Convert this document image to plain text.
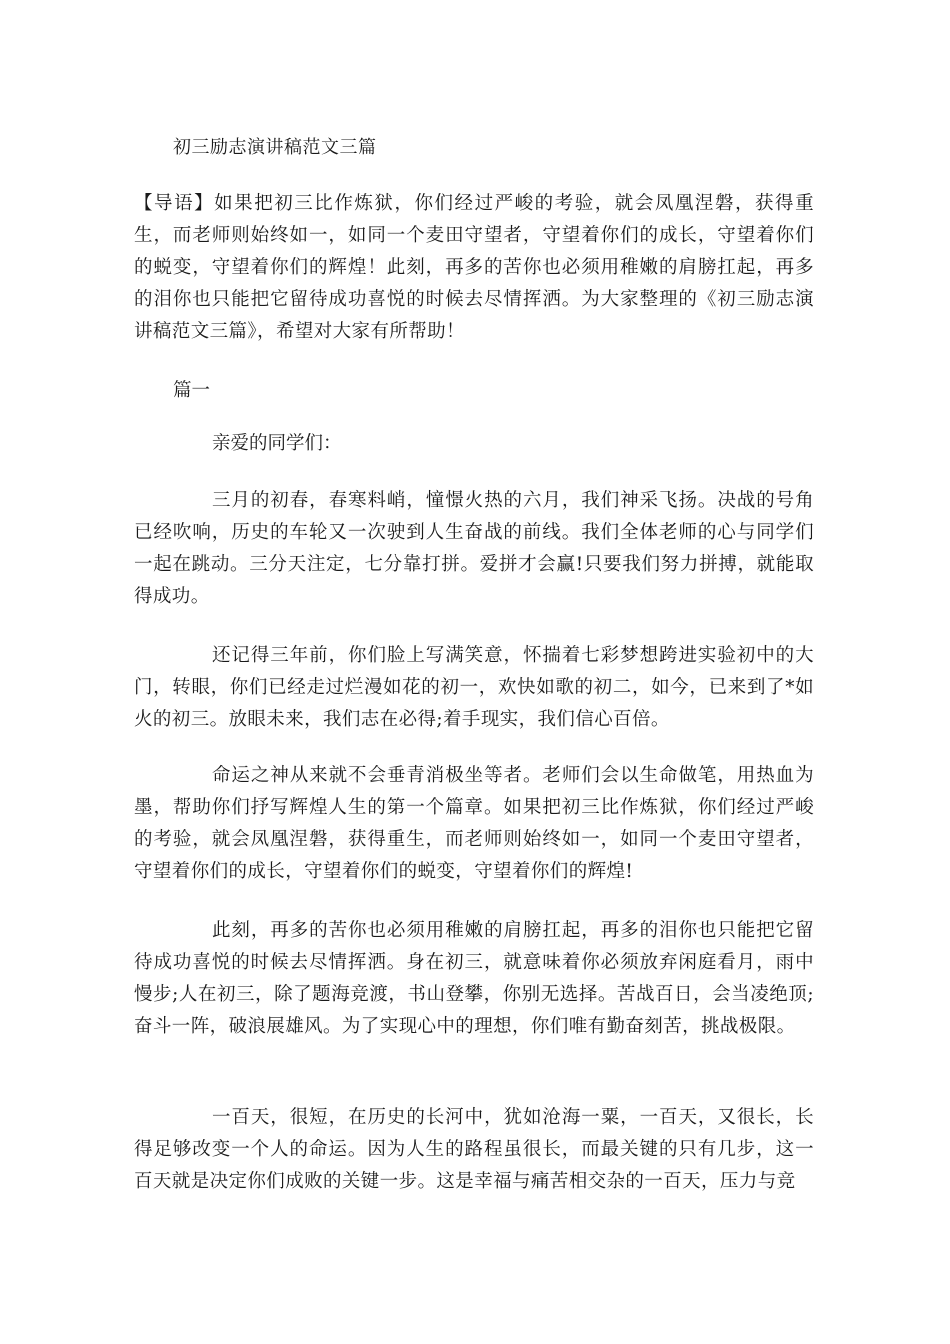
初三励志演讲稿范文三篇

【导语】如果把初三比作炼狱，你们经过严峻的考验，就会凤凰涅磐，获得重生，而老师则始终如一，如同一个麦田守望者，守望着你们的成长，守望着你们的蜕变，守望着你们的辉煌！此刻，再多的苦你也必须用稚嫩的肩膀扛起，再多的泪你也只能把它留待成功喜悦的时候去尽情挥洒。为大家整理的《初三励志演讲稿范文三篇》，希望对大家有所帮助！

篇一
亲爱的同学们：

三月的初春，春寒料峭，憧憬火热的六月，我们神采飞扬。决战的号角已经吹响，历史的车轮又一次驶到人生奋战的前线。我们全体老师的心与同学们一起在跳动。三分天注定，七分靠打拼。爱拼才会赢!只要我们努力拼搏，就能取得成功。

还记得三年前，你们脸上写满笑意，怀揣着七彩梦想跨进实验初中的大门，转眼，你们已经走过烂漫如花的初一，欢快如歌的初二，如今，已来到了*如火的初三。放眼未来，我们志在必得;着手现实，我们信心百倍。

命运之神从来就不会垂青消极坐等者。老师们会以生命做笔，用热血为墨，帮助你们抒写辉煌人生的第一个篇章。如果把初三比作炼狱，你们经过严峻的考验，就会凤凰涅磐，获得重生，而老师则始终如一，如同一个麦田守望者，守望着你们的成长，守望着你们的蜕变，守望着你们的辉煌!

此刻，再多的苦你也必须用稚嫩的肩膀扛起，再多的泪你也只能把它留待成功喜悦的时候去尽情挥洒。身在初三，就意味着你必须放弃闲庭看月，雨中慢步;人在初三，除了题海竞渡，书山登攀，你别无选择。苦战百日，会当凌绝顶;奋斗一阵，破浪展雄风。为了实现心中的理想，你们唯有勤奋刻苦，挑战极限。

一百天，很短，在历史的长河中，犹如沧海一粟，一百天，又很长，长得足够改变一个人的命运。因为人生的路程虽很长，而最关键的只有几步，这一百天就是决定你们成败的关键一步。这是幸福与痛苦相交杂的一百天，压力与竞
